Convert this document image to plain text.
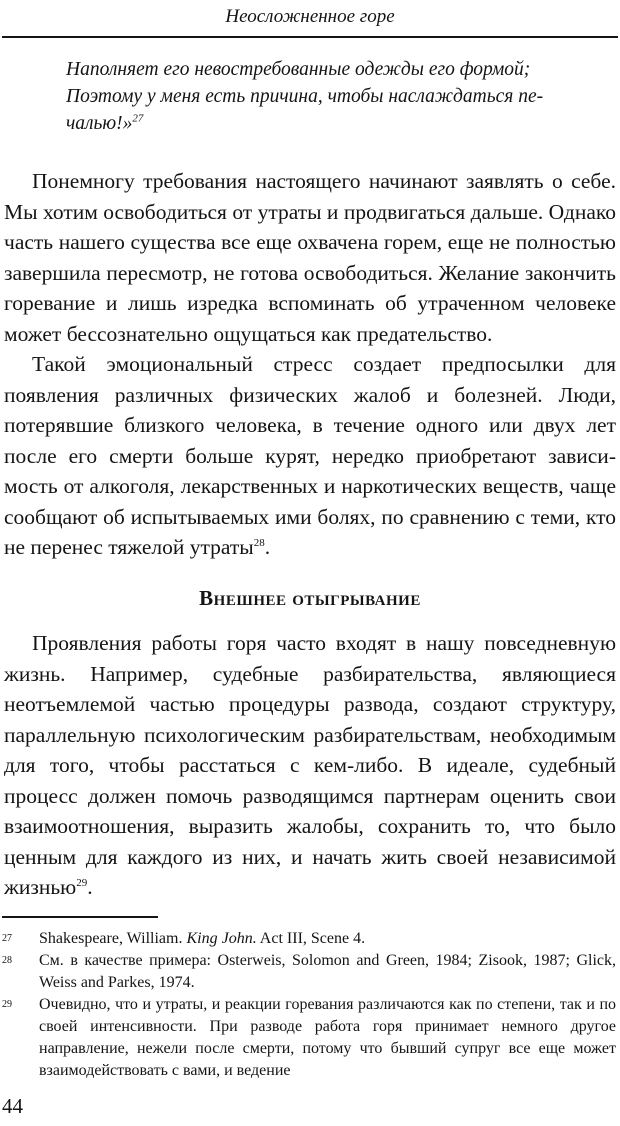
Неосложненное горе

Наполняет его невостребованные одежды его формой;

Поэтому у меня есть причина, чтобы наслаждаться пе-

чалью!»$^{27}$

Понемногу требования настоящего начинают заявлять о себе. Мы хотим освободиться от утраты и продвигаться дальше. Однако часть нашего существа все еще охвачена горем, еще не полностью завершила пересмотр, не готова освободиться. Желание закончить горевание и лишь изредка вспоминать об утраченном человеке может бессознательно ощущаться как предательство.

Такой эмоциональный стресс создает предпосылки для появления различных физических жалоб и болезней. Люди, потерявшие близкого человека, в течение одного или двух лет после его смерти больше курят, нередко приобретают зависимость от алкоголя, лекарственных и наркотических веществ, чаще сообщают об испытываемых ими болях, по сравнению с теми, кто не перенес тяжелой утраты$^{28}$.

Внешнее отыгрывание

Проявления работы горя часто входят в нашу повседневную жизнь. Например, судебные разбирательства, являющиеся неотъемлемой частью процедуры развода, создают структуру, параллельную психологическим разбирательствам, необходимым для того, чтобы расстаться с кем-либо. В идеале, судебный процесс должен помочь разводящимся партнерам оценить свои взаимоотношения, выразить жалобы, сохранить то, что было ценным для каждого из них, и начать жить своей независимой жизнью$^{29}$.

27 Shakespeare, William. King John. Act III, Scene 4.

28 См. в качестве примера: Osterweis, Solomon and Green, 1984; Zisook, 1987; Glick, Weiss and Parkes, 1974.

29 Очевидно, что и утраты, и реакции горевания различаются как по степени, так и по своей интенсивности. При разводе работа горя принимает немного другое направление, нежели после смерти, потому что бывший супруг все еще может взаимодействовать с вами, и ведение

44
